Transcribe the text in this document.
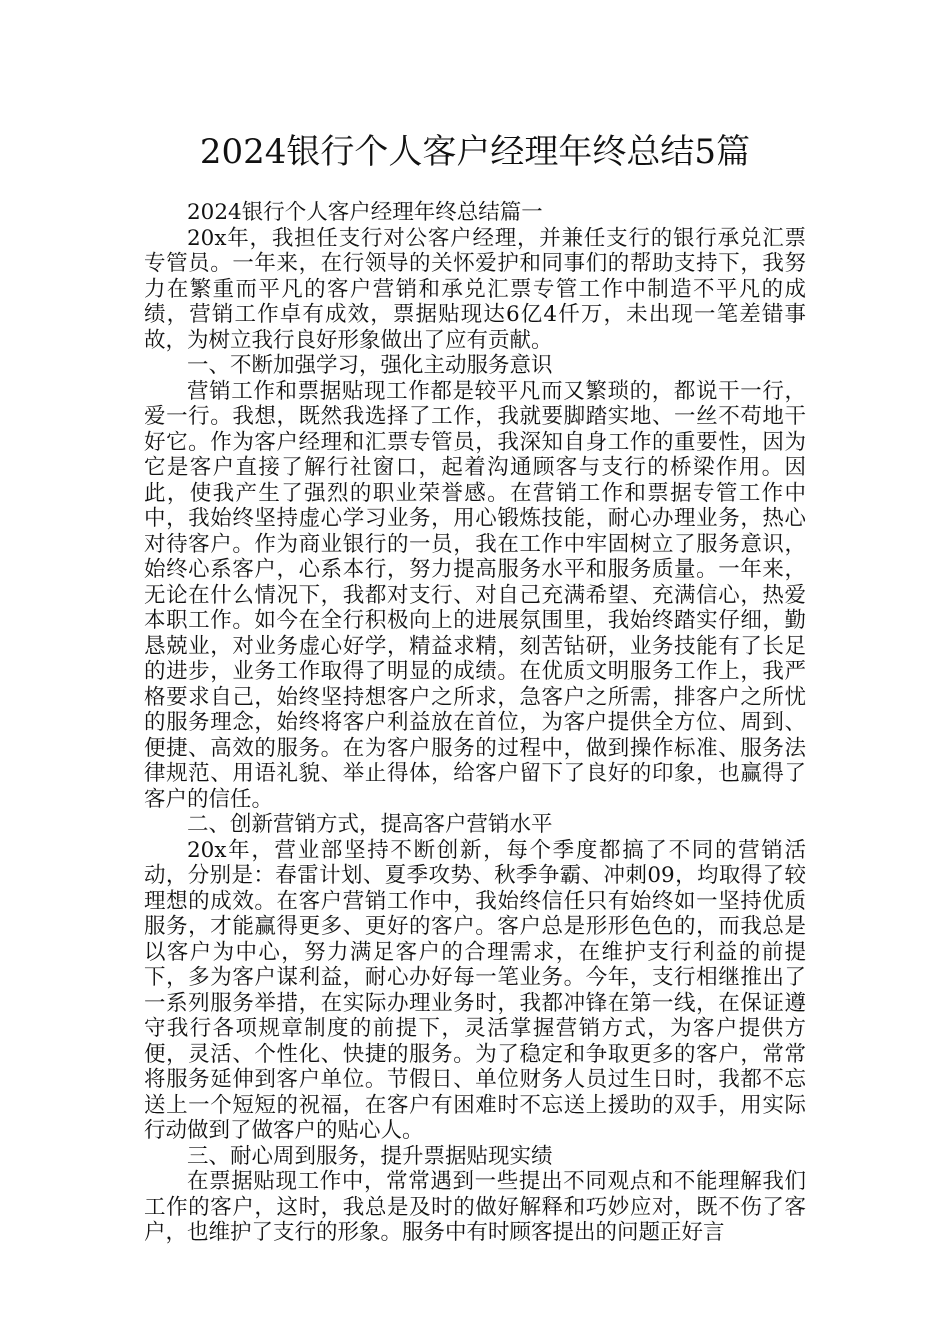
2024银行个人客户经理年终总结5篇

2024银行个人客户经理年终总结篇一

20x年，我担任支行对公客户经理，并兼任支行的银行承兑汇票专管员。一年来，在行领导的关怀爱护和同事们的帮助支持下，我努力在繁重而平凡的客户营销和承兑汇票专管工作中制造不平凡的成绩，营销工作卓有成效，票据贴现达6亿4仟万，未出现一笔差错事故，为树立我行良好形象做出了应有贡献。

一、不断加强学习，强化主动服务意识

营销工作和票据贴现工作都是较平凡而又繁琐的，都说干一行，爱一行。我想，既然我选择了工作，我就要脚踏实地、一丝不苟地干好它。作为客户经理和汇票专管员，我深知自身工作的重要性，因为它是客户直接了解行社窗口，起着沟通顾客与支行的桥梁作用。因此，使我产生了强烈的职业荣誉感。在营销工作和票据专管工作中中，我始终坚持虚心学习业务，用心锻炼技能，耐心办理业务，热心对待客户。作为商业银行的一员，我在工作中牢固树立了服务意识，始终心系客户，心系本行，努力提高服务水平和服务质量。一年来，无论在什么情况下，我都对支行、对自己充满希望、充满信心，热爱本职工作。如今在全行积极向上的进展氛围里，我始终踏实仔细，勤恳兢业，对业务虚心好学，精益求精，刻苦钻研，业务技能有了长足的进步，业务工作取得了明显的成绩。在优质文明服务工作上，我严格要求自己，始终坚持想客户之所求，急客户之所需，排客户之所忧的服务理念，始终将客户利益放在首位，为客户提供全方位、周到、便捷、高效的服务。在为客户服务的过程中，做到操作标准、服务法律规范、用语礼貌、举止得体，给客户留下了良好的印象，也赢得了客户的信任。

二、创新营销方式，提高客户营销水平

20x年，营业部坚持不断创新，每个季度都搞了不同的营销活动，分别是：春雷计划、夏季攻势、秋季争霸、冲刺09，均取得了较理想的成效。在客户营销工作中，我始终信任只有始终如一坚持优质服务，才能赢得更多、更好的客户。客户总是形形色色的，而我总是以客户为中心，努力满足客户的合理需求，在维护支行利益的前提下，多为客户谋利益，耐心办好每一笔业务。今年，支行相继推出了一系列服务举措，在实际办理业务时，我都冲锋在第一线，在保证遵守我行各项规章制度的前提下，灵活掌握营销方式，为客户提供方便，灵活、个性化、快捷的服务。为了稳定和争取更多的客户，常常将服务延伸到客户单位。节假日、单位财务人员过生日时，我都不忘送上一个短短的祝福，在客户有困难时不忘送上援助的双手，用实际行动做到了做客户的贴心人。

三、耐心周到服务，提升票据贴现实绩

在票据贴现工作中，常常遇到一些提出不同观点和不能理解我们工作的客户，这时，我总是及时的做好解释和巧妙应对，既不伤了客户，也维护了支行的形象。服务中有时顾客提出的问题正好言
